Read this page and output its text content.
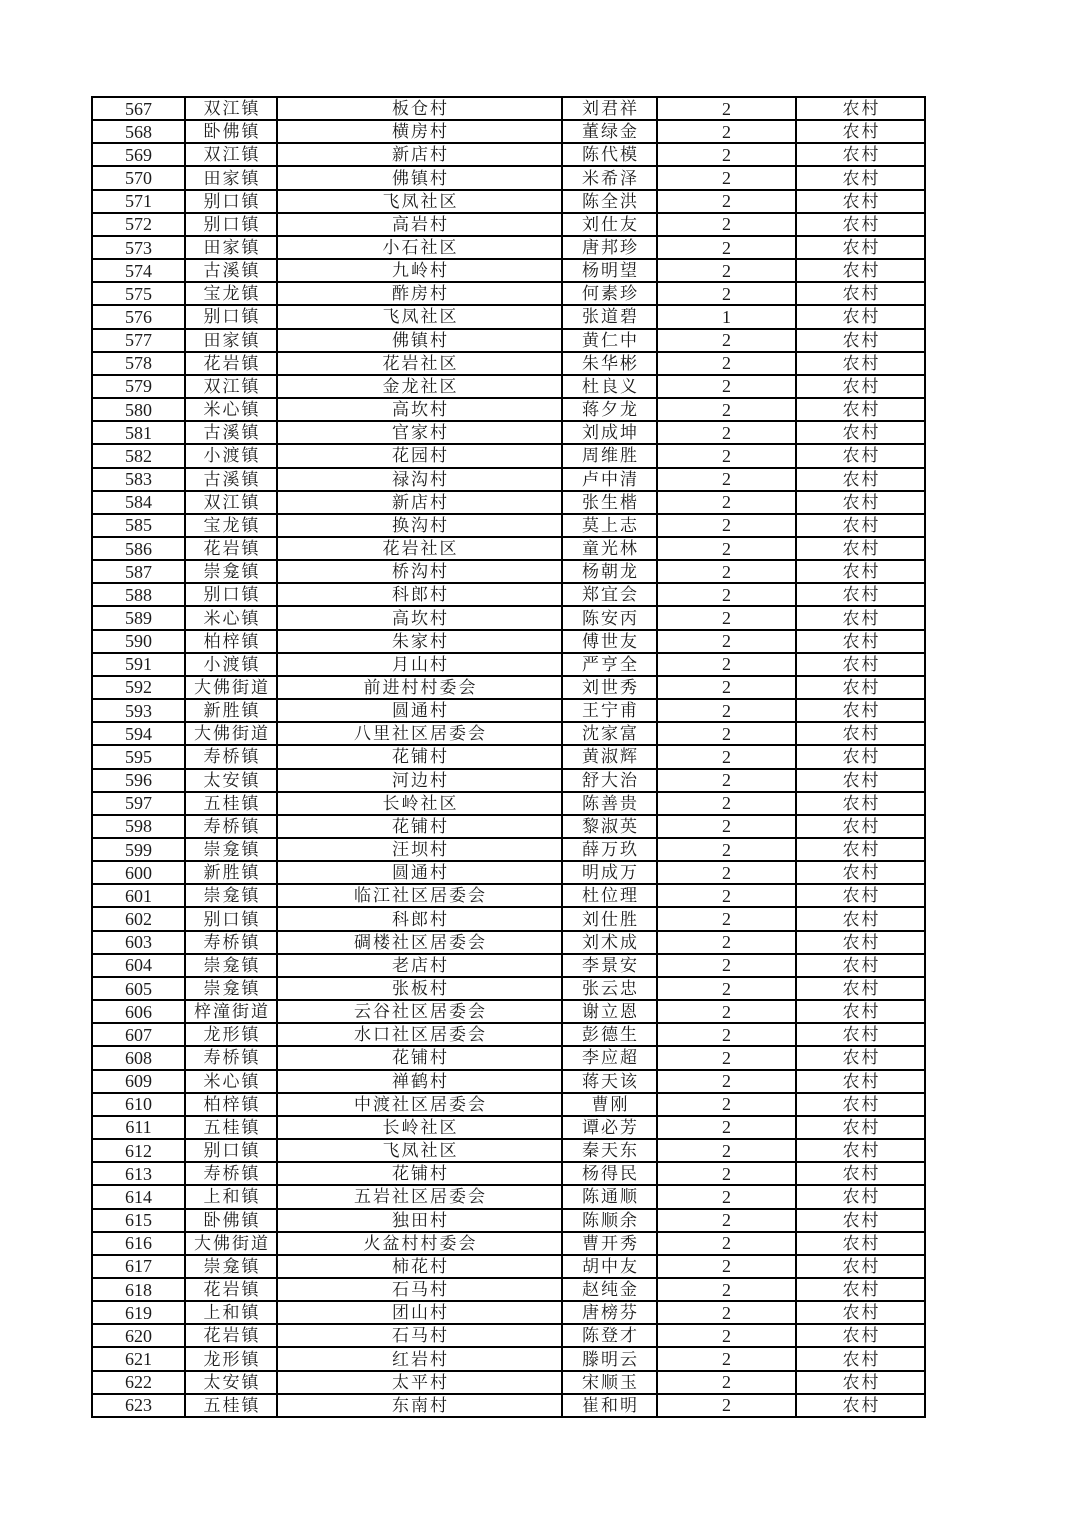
567	双江镇	板仓村	刘君祥	2	农村
568	卧佛镇	横房村	董绿金	2	农村
569	双江镇	新店村	陈代模	2	农村
570	田家镇	佛镇村	米希泽	2	农村
571	别口镇	飞凤社区	陈全洪	2	农村
572	别口镇	高岩村	刘仕友	2	农村
573	田家镇	小石社区	唐邦珍	2	农村
574	古溪镇	九岭村	杨明望	2	农村
575	宝龙镇	酢房村	何素珍	2	农村
576	别口镇	飞凤社区	张道碧	1	农村
577	田家镇	佛镇村	黄仁中	2	农村
578	花岩镇	花岩社区	朱华彬	2	农村
579	双江镇	金龙社区	杜良义	2	农村
580	米心镇	高坎村	蒋夕龙	2	农村
581	古溪镇	官家村	刘成坤	2	农村
582	小渡镇	花园村	周维胜	2	农村
583	古溪镇	禄沟村	卢中清	2	农村
584	双江镇	新店村	张生楷	2	农村
585	宝龙镇	换沟村	莫上志	2	农村
586	花岩镇	花岩社区	童光林	2	农村
587	崇龛镇	桥沟村	杨朝龙	2	农村
588	别口镇	科郎村	郑宜会	2	农村
589	米心镇	高坎村	陈安丙	2	农村
590	柏梓镇	朱家村	傅世友	2	农村
591	小渡镇	月山村	严亨全	2	农村
592	大佛街道	前进村村委会	刘世秀	2	农村
593	新胜镇	圆通村	王宁甫	2	农村
594	大佛街道	八里社区居委会	沈家富	2	农村
595	寿桥镇	花铺村	黄淑辉	2	农村
596	太安镇	河边村	舒大治	2	农村
597	五桂镇	长岭社区	陈善贵	2	农村
598	寿桥镇	花铺村	黎淑英	2	农村
599	崇龛镇	汪坝村	薛万玖	2	农村
600	新胜镇	圆通村	明成万	2	农村
601	崇龛镇	临江社区居委会	杜位理	2	农村
602	别口镇	科郎村	刘仕胜	2	农村
603	寿桥镇	碉楼社区居委会	刘术成	2	农村
604	崇龛镇	老店村	李景安	2	农村
605	崇龛镇	张板村	张云忠	2	农村
606	梓潼街道	云谷社区居委会	谢立恩	2	农村
607	龙形镇	水口社区居委会	彭德生	2	农村
608	寿桥镇	花铺村	李应超	2	农村
609	米心镇	禅鹤村	蒋天该	2	农村
610	柏梓镇	中渡社区居委会	曹刚	2	农村
611	五桂镇	长岭社区	谭必芳	2	农村
612	别口镇	飞凤社区	秦天东	2	农村
613	寿桥镇	花铺村	杨得民	2	农村
614	上和镇	五岩社区居委会	陈通顺	2	农村
615	卧佛镇	独田村	陈顺余	2	农村
616	大佛街道	火盆村村委会	曹开秀	2	农村
617	崇龛镇	柿花村	胡中友	2	农村
618	花岩镇	石马村	赵纯金	2	农村
619	上和镇	团山村	唐榜芬	2	农村
620	花岩镇	石马村	陈登才	2	农村
621	龙形镇	红岩村	滕明云	2	农村
622	太安镇	太平村	宋顺玉	2	农村
623	五桂镇	东南村	崔和明	2	农村
